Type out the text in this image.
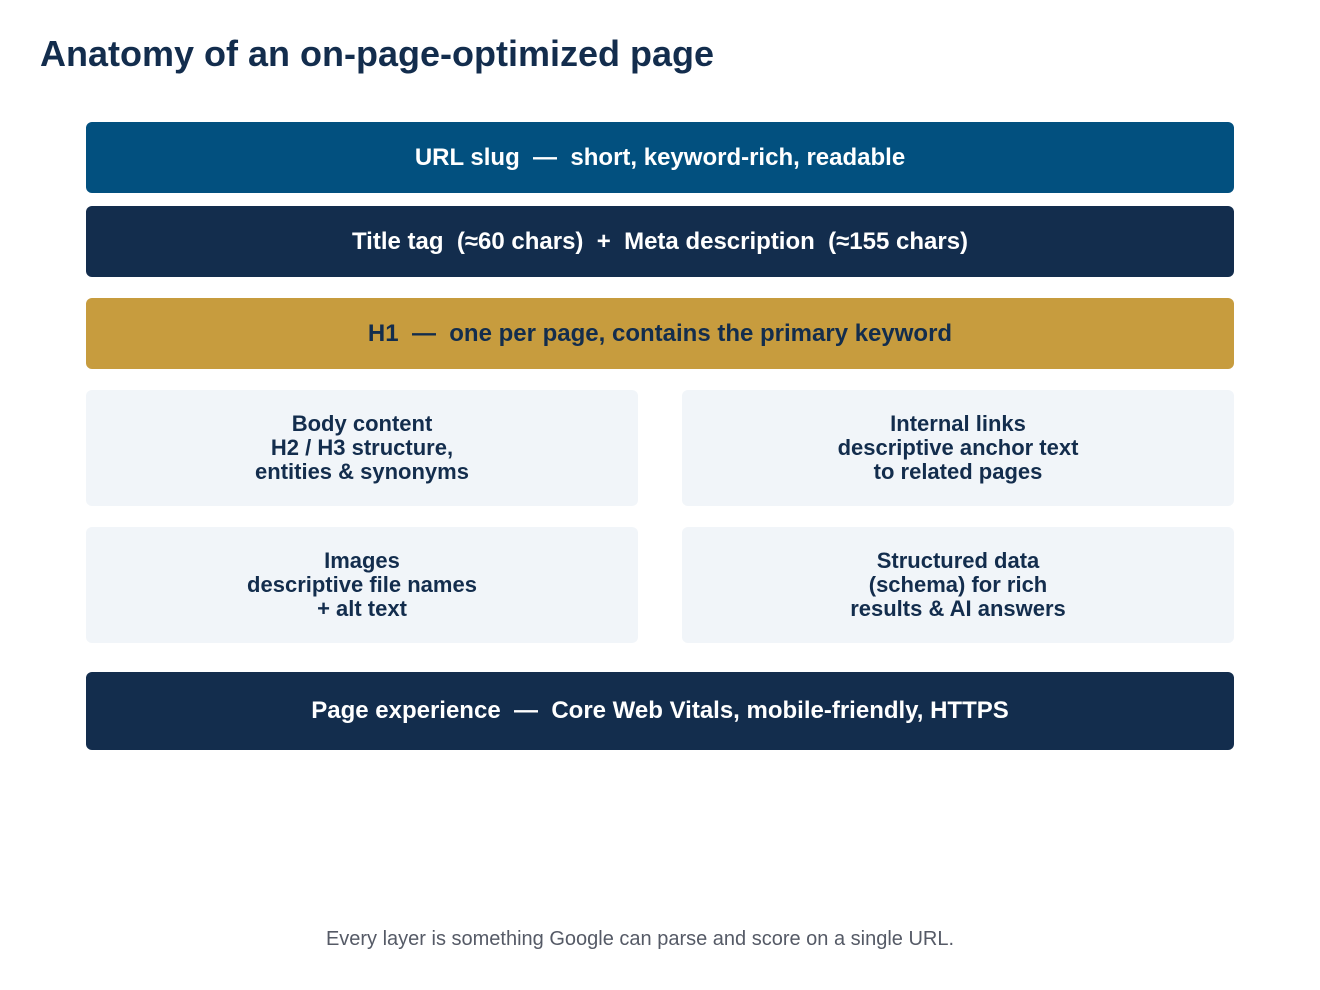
Anatomy of an on-page-optimized page
URL slug  —  short, keyword-rich, readable
Title tag  (≈60 chars)  +  Meta description  (≈155 chars)
H1  —  one per page, contains the primary keyword
Body content
H2 / H3 structure,
entities & synonyms
Internal links
descriptive anchor text
to related pages
Images
descriptive file names
+ alt text
Structured data
(schema) for rich
results & AI answers
Page experience  —  Core Web Vitals, mobile-friendly, HTTPS
Every layer is something Google can parse and score on a single URL.
